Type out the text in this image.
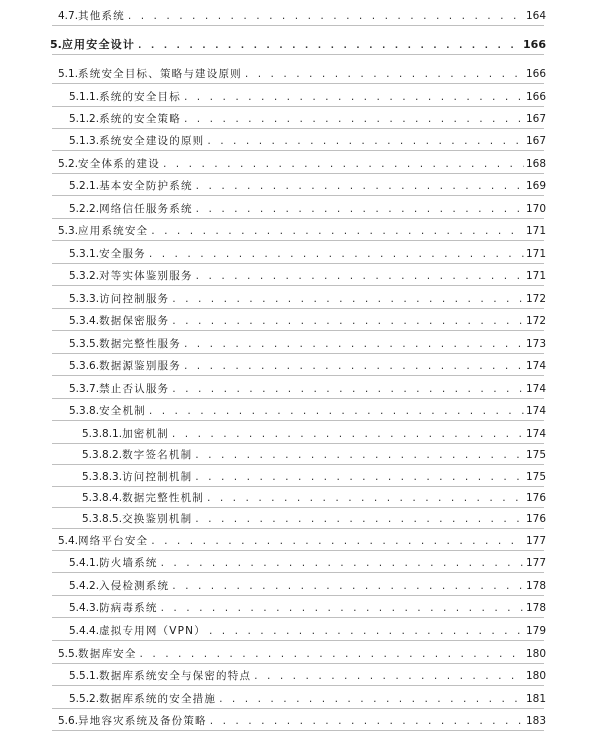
4.7. 其他系统 . . .	164
5. 应用安全设计 . . .	166
5.1. 系统安全目标、策略与建设原则 . . .	166
5.1.1. 系统的安全目标 . . .	166
5.1.2. 系统的安全策略 . . .	167
5.1.3. 系统安全建设的原则 . . .	167
5.2. 安全体系的建设 . . .	168
5.2.1. 基本安全防护系统 . . .	169
5.2.2. 网络信任服务系统 . . .	170
5.3. 应用系统安全 . . .	171
5.3.1. 安全服务 . . .	171
5.3.2. 对等实体鉴别服务 . . .	171
5.3.3. 访问控制服务 . . .	172
5.3.4. 数据保密服务 . . .	172
5.3.5. 数据完整性服务 . . .	173
5.3.6. 数据源鉴别服务 . . .	174
5.3.7. 禁止否认服务 . . .	174
5.3.8. 安全机制 . . .	174
5.3.8.1. 加密机制 . . .	174
5.3.8.2. 数字签名机制 . . .	175
5.3.8.3. 访问控制机制 . . .	175
5.3.8.4. 数据完整性机制 . . .	176
5.3.8.5. 交换鉴别机制 . . .	176
5.4. 网络平台安全 . . .	177
5.4.1. 防火墙系统 . . .	177
5.4.2. 入侵检测系统 . . .	178
5.4.3. 防病毒系统 . . .	178
5.4.4. 虚拟专用网（VPN） . . .	179
5.5. 数据库安全 . . .	180
5.5.1. 数据库系统安全与保密的特点 . . .	180
5.5.2. 数据库系统的安全措施 . . .	181
5.6. 异地容灾系统及备份策略 . . .	183
